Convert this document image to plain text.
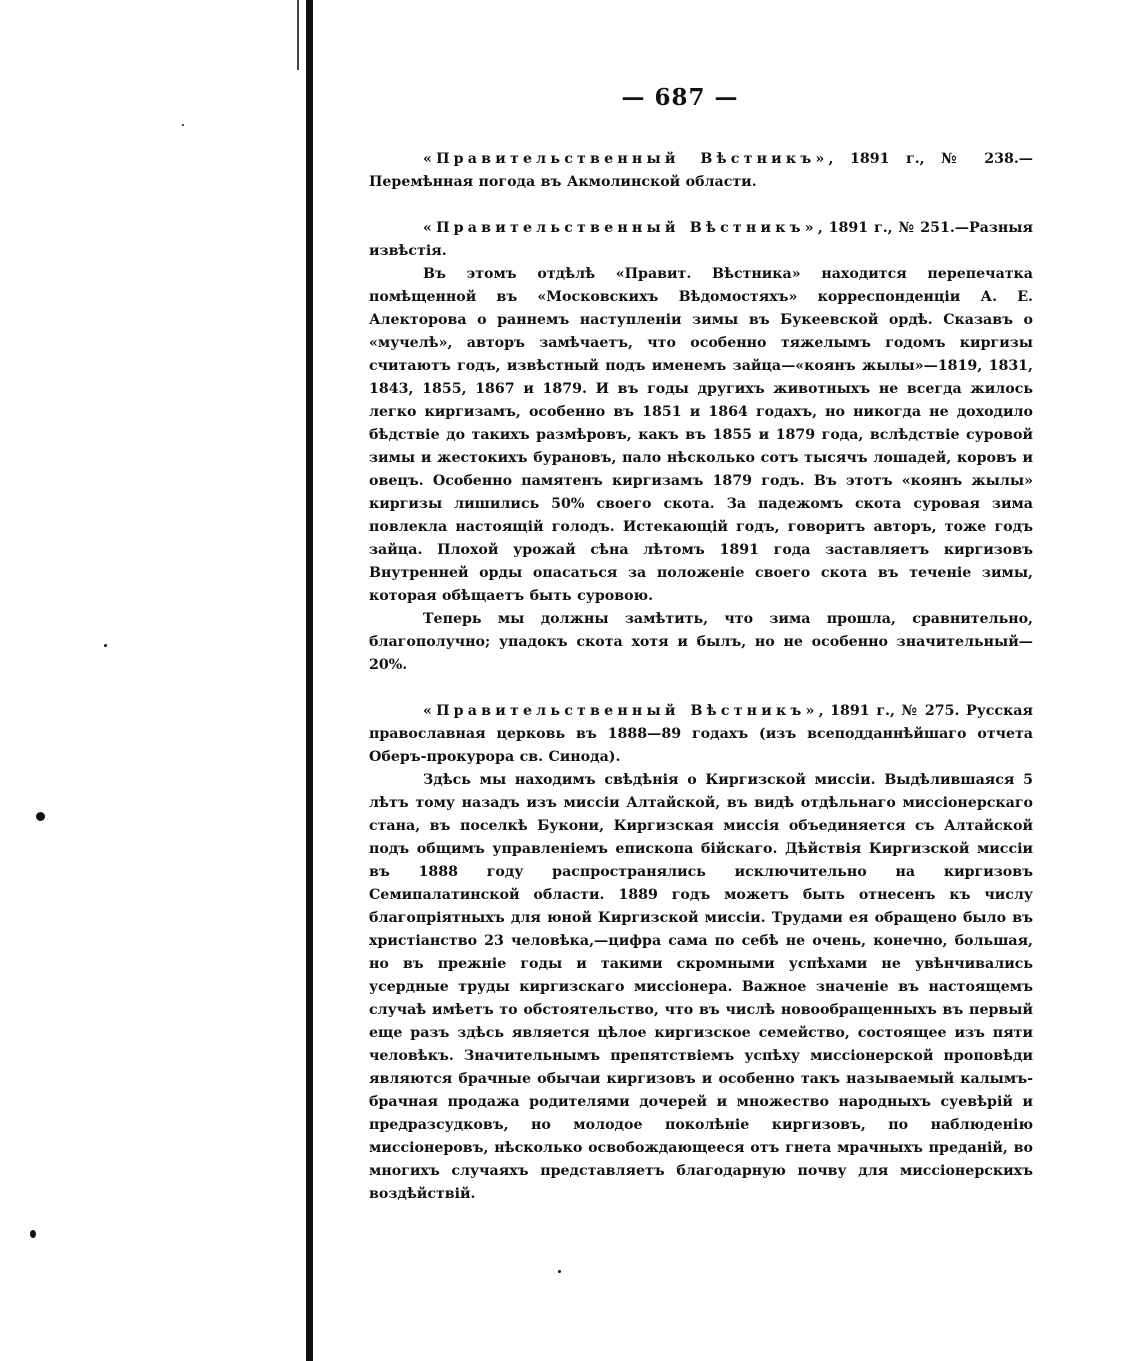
— 687 —

«Правительственный Вѣстникъ», 1891 г., № 238.—Перемѣнная погода въ Акмолинской области.

«Правительственный Вѣстникъ», 1891 г., № 251.—Разныя извѣстія.

Въ этомъ отдѣлѣ «Правит. Вѣстника» находится перепечатка помѣщенной въ «Московскихъ Вѣдомостяхъ» корреспонденціи А. Е. Алекторова о раннемъ наступленіи зимы въ Букеевской ордѣ. Сказавъ о «мучелѣ», авторъ замѣчаетъ, что особенно тяжелымъ годомъ киргизы считаютъ годъ, извѣстный подъ именемъ зайца—«коянъ жылы»—1819, 1831, 1843, 1855, 1867 и 1879. И въ годы другихъ животныхъ не всегда жилось легко киргизамъ, особенно въ 1851 и 1864 годахъ, но никогда не доходило бѣдствіе до такихъ размѣровъ, какъ въ 1855 и 1879 года, вслѣдствіе суровой зимы и жестокихъ бурановъ, пало нѣсколько сотъ тысячъ лошадей, коровъ и овецъ. Особенно памятенъ киргизамъ 1879 годъ. Въ этотъ «коянъ жылы» киргизы лишились 50% своего скота. За падежомъ скота суровая зима повлекла настоящій голодъ. Истекающій годъ, говоритъ авторъ, тоже годъ зайца. Плохой урожай сѣна лѣтомъ 1891 года заставляетъ киргизовъ Внутренней орды опасаться за положеніе своего скота въ теченіе зимы, которая обѣщаетъ быть суровою.

Теперь мы должны замѣтить, что зима прошла, сравнительно, благополучно; упадокъ скота хотя и былъ, но не особенно значительный—20%.

«Правительственный Вѣстникъ», 1891 г., № 275. Русская православная церковь въ 1888—89 годахъ (изъ всеподданнѣйшаго отчета Оберъ-прокурора св. Синода).

Здѣсь мы находимъ свѣдѣнія о Киргизской миссіи. Выдѣлившаяся 5 лѣтъ тому назадъ изъ миссіи Алтайской, въ видѣ отдѣльнаго миссіонерскаго стана, въ поселкѣ Букони, Киргизская миссія объединяется съ Алтайской подъ общимъ управленіемъ епископа бійскаго. Дѣйствія Киргизской миссіи въ 1888 году распространялись исключительно на киргизовъ Семипалатинской области. 1889 годъ можетъ быть отнесенъ къ числу благопріятныхъ для юной Киргизской миссіи. Трудами ея обращено было въ христіанство 23 человѣка,—цифра сама по себѣ не очень, конечно, большая, но въ прежніе годы и такими скромными успѣхами не увѣнчивались усердные труды киргизскаго миссіонера. Важное значеніе въ настоящемъ случаѣ имѣетъ то обстоятельство, что въ числѣ новообращенныхъ въ первый еще разъ здѣсь является цѣлое киргизское семейство, состоящее изъ пяти человѣкъ. Значительнымъ препятствіемъ успѣху миссіонерской проповѣди являются брачные обычаи киргизовъ и особенно такъ называемый калымъ-брачная продажа родителями дочерей и множество народныхъ суевѣрій и предразсудковъ, но молодое поколѣніе киргизовъ, по наблюденію миссіонеровъ, нѣсколько освобождающееся отъ гнета мрачныхъ преданій, во многихъ случаяхъ представляетъ благодарную почву для миссіонерскихъ воздѣйствій.
